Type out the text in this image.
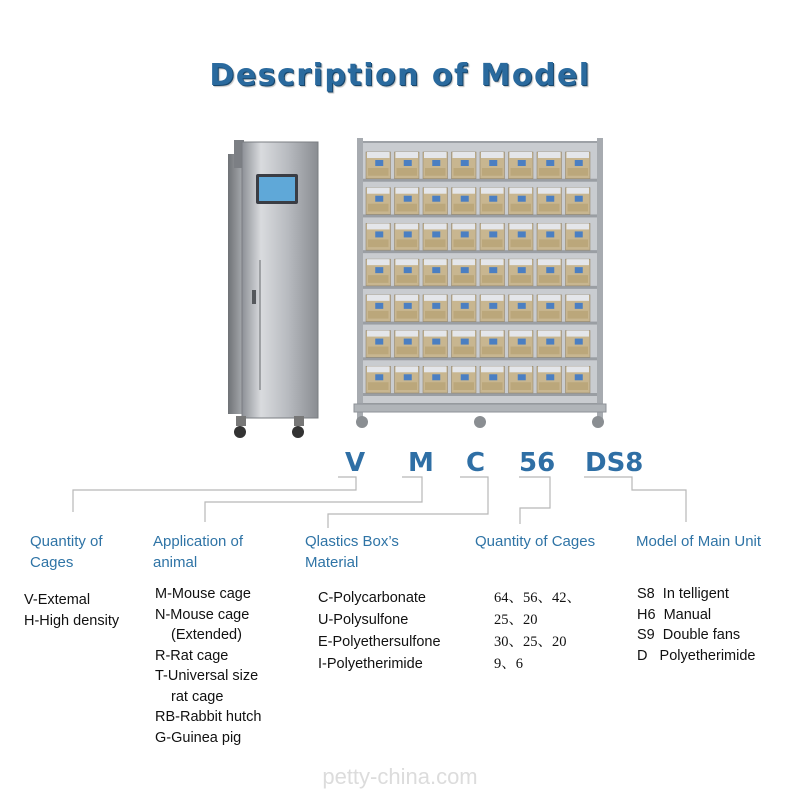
Description of Model
V M C 56 DS8
Quantity of
Cages
Application of
animal
Qlastics Box’s
Material
Quantity of Cages	Model of Main Unit
V-Extemal
H-High density
M-Mouse cage
N-Mouse cage
(Extended)
R-Rat cage
T-Universal size
rat cage
RB-Rabbit hutch
G-Guinea pig
C-Polycarbonate
U-Polysulfone
E-Polyethersulfone
I-Polyetherimide
64、56、42、
25、20
30、25、20
9、6
S8  In telligent
H6  Manual
S9  Double fans
D   Polyetherimide
petty-china.com
